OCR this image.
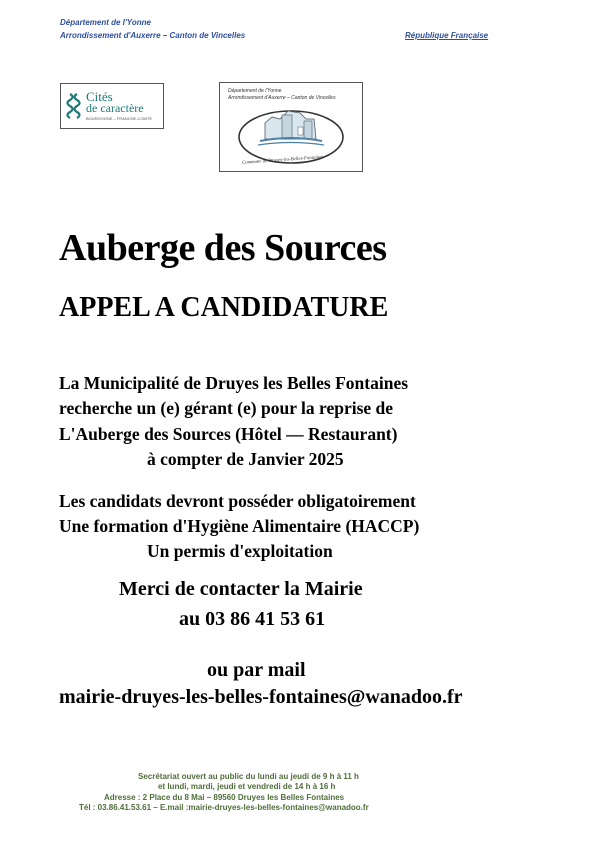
Département de l'Yonne
Arrondissement d'Auxerre – Canton de Vincelles	République Française
Cités
de caractère
BOURGOGNE – FRANCHE-COMTÉ
Département de l'Yonne
Arrondissement d'Auxerre – Canton de Vincelles
Commune de Druyes-les-Belles-Fontaines
Auberge des Sources
APPEL A CANDIDATURE
La Municipalité de Druyes les Belles Fontaines
recherche un (e) gérant (e) pour la reprise de
L'Auberge des Sources (Hôtel — Restaurant)
à compter de Janvier 2025
Les candidats devront posséder obligatoirement
Une formation d'Hygiène Alimentaire (HACCP)
Un permis d'exploitation
Merci de contacter la Mairie
au 03 86 41 53 61
ou par mail
mairie-druyes-les-belles-fontaines@wanadoo.fr
Secrétariat ouvert au public du lundi au jeudi de 9 h à 11 h
et lundi, mardi, jeudi et vendredi de 14 h à 16 h
Adresse : 2 Place du 8 Mai – 89560 Druyes les Belles Fontaines
Tél : 03.86.41.53.61 – E.mail :mairie-druyes-les-belles-fontaines@wanadoo.fr
